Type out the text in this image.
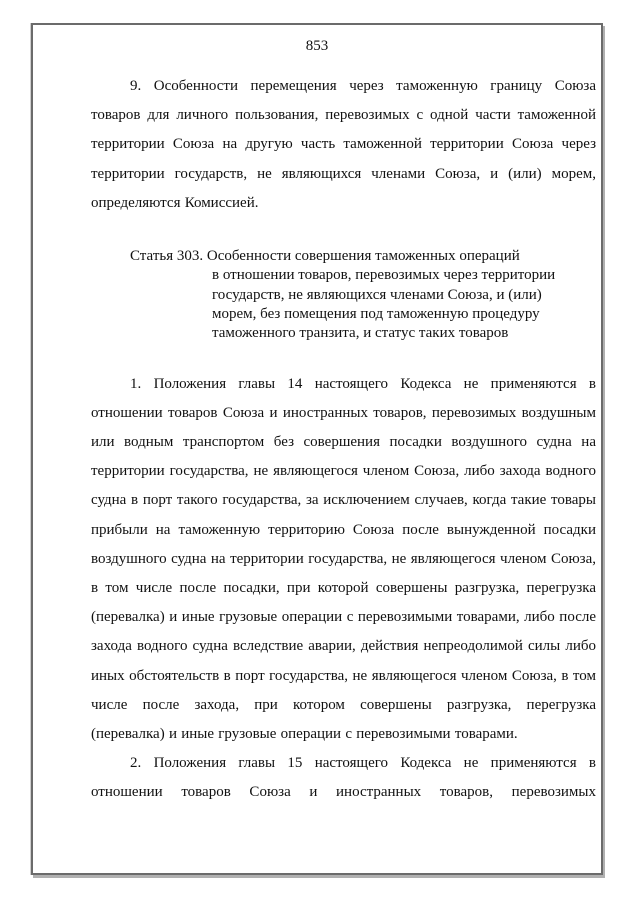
853

9. Особенности перемещения через таможенную границу Союза товаров для личного пользования, перевозимых с одной части таможенной территории Союза на другую часть таможенной территории Союза через территории государств, не являющихся членами Союза, и (или) морем, определяются Комиссией.

Статья 303. Особенности совершения таможенных операций
в отношении товаров, перевозимых через территории государств, не являющихся членами Союза, и (или) морем, без помещения под таможенную процедуру таможенного транзита, и статус таких товаров

1. Положения главы 14 настоящего Кодекса не применяются в отношении товаров Союза и иностранных товаров, перевозимых воздушным или водным транспортом без совершения посадки воздушного судна на территории государства, не являющегося членом Союза, либо захода водного судна в порт такого государства, за исключением случаев, когда такие товары прибыли на таможенную территорию Союза после вынужденной посадки воздушного судна на территории государства, не являющегося членом Союза, в том числе после посадки, при которой совершены разгрузка, перегрузка (перевалка) и иные грузовые операции с перевозимыми товарами, либо после захода водного судна вследствие аварии, действия непреодолимой силы либо иных обстоятельств в порт государства, не являющегося членом Союза, в том числе после захода, при котором совершены разгрузка, перегрузка (перевалка) и иные грузовые операции с перевозимыми товарами.

2. Положения главы 15 настоящего Кодекса не применяются в отношении товаров Союза и иностранных товаров, перевозимых
